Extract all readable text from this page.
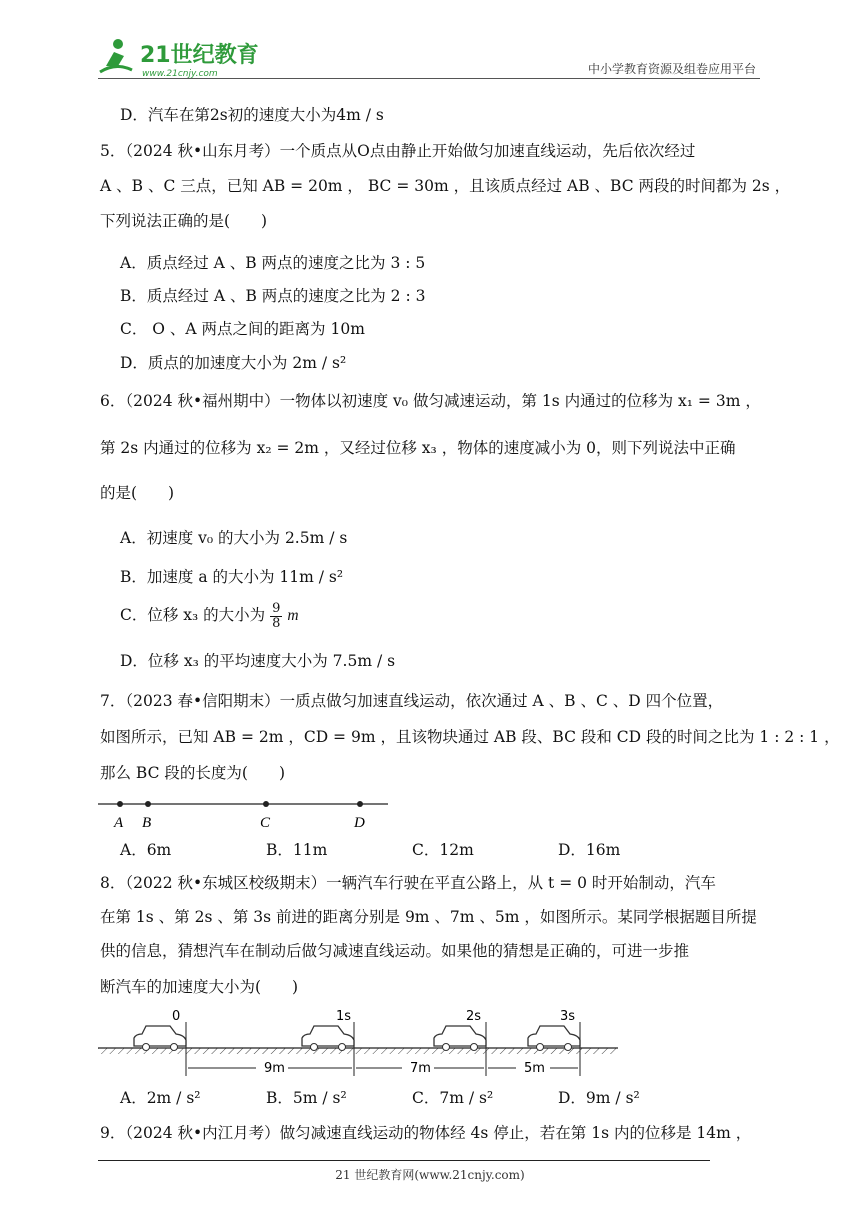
21世纪教育
www.21cnjy.com	中小学教育资源及组卷应用平台
D．汽车在第2s初的速度大小为4m / s
5．（2024 秋•山东月考）一个质点从O点由静止开始做匀加速直线运动，先后依次经过
A 、B 、C 三点，已知 AB = 20m ， BC = 30m ，且该质点经过 AB 、BC 两段的时间都为 2s ，
下列说法正确的是(　　)
A．质点经过 A 、B 两点的速度之比为 3 : 5
B．质点经过 A 、B 两点的速度之比为 2 : 3
C． O 、A 两点之间的距离为 10m
D．质点的加速度大小为 2m / s²
6．（2024 秋•福州期中）一物体以初速度 v₀ 做匀减速运动，第 1s 内通过的位移为 x₁ = 3m ，
第 2s 内通过的位移为 x₂ = 2m ，又经过位移 x₃ ，物体的速度减小为 0，则下列说法中正确
的是(　　)
A．初速度 v₀ 的大小为 2.5m / s
B．加速度 a 的大小为 11m / s²
C．位移 x₃ 的大小为 $\frac{9}{8}$ m
D．位移 x₃ 的平均速度大小为 7.5m / s
7．（2023 春•信阳期末）一质点做匀加速直线运动，依次通过 A 、B 、C 、D 四个位置，
如图所示，已知 AB = 2m ，CD = 9m ，且该物块通过 AB 段、BC 段和 CD 段的时间之比为 1 : 2 : 1 ，
那么 BC 段的长度为(　　)
A B	C	D
A．6m	B．11m	C．12m	D．16m
8．（2022 秋•东城区校级期末）一辆汽车行驶在平直公路上，从 t = 0 时开始制动，汽车
在第 1s 、第 2s 、第 3s 前进的距离分别是 9m 、7m 、5m ，如图所示。某同学根据题目所提
供的信息，猜想汽车在制动后做匀减速直线运动。如果他的猜想是正确的，可进一步推
断汽车的加速度大小为(　　)
0	1s	2s	3s
9m	7m	5m
A．2m / s²	B．5m / s²	C．7m / s²	D．9m / s²
9．（2024 秋•内江月考）做匀减速直线运动的物体经 4s 停止，若在第 1s 内的位移是 14m ，
21 世纪教育网(www.21cnjy.com)
